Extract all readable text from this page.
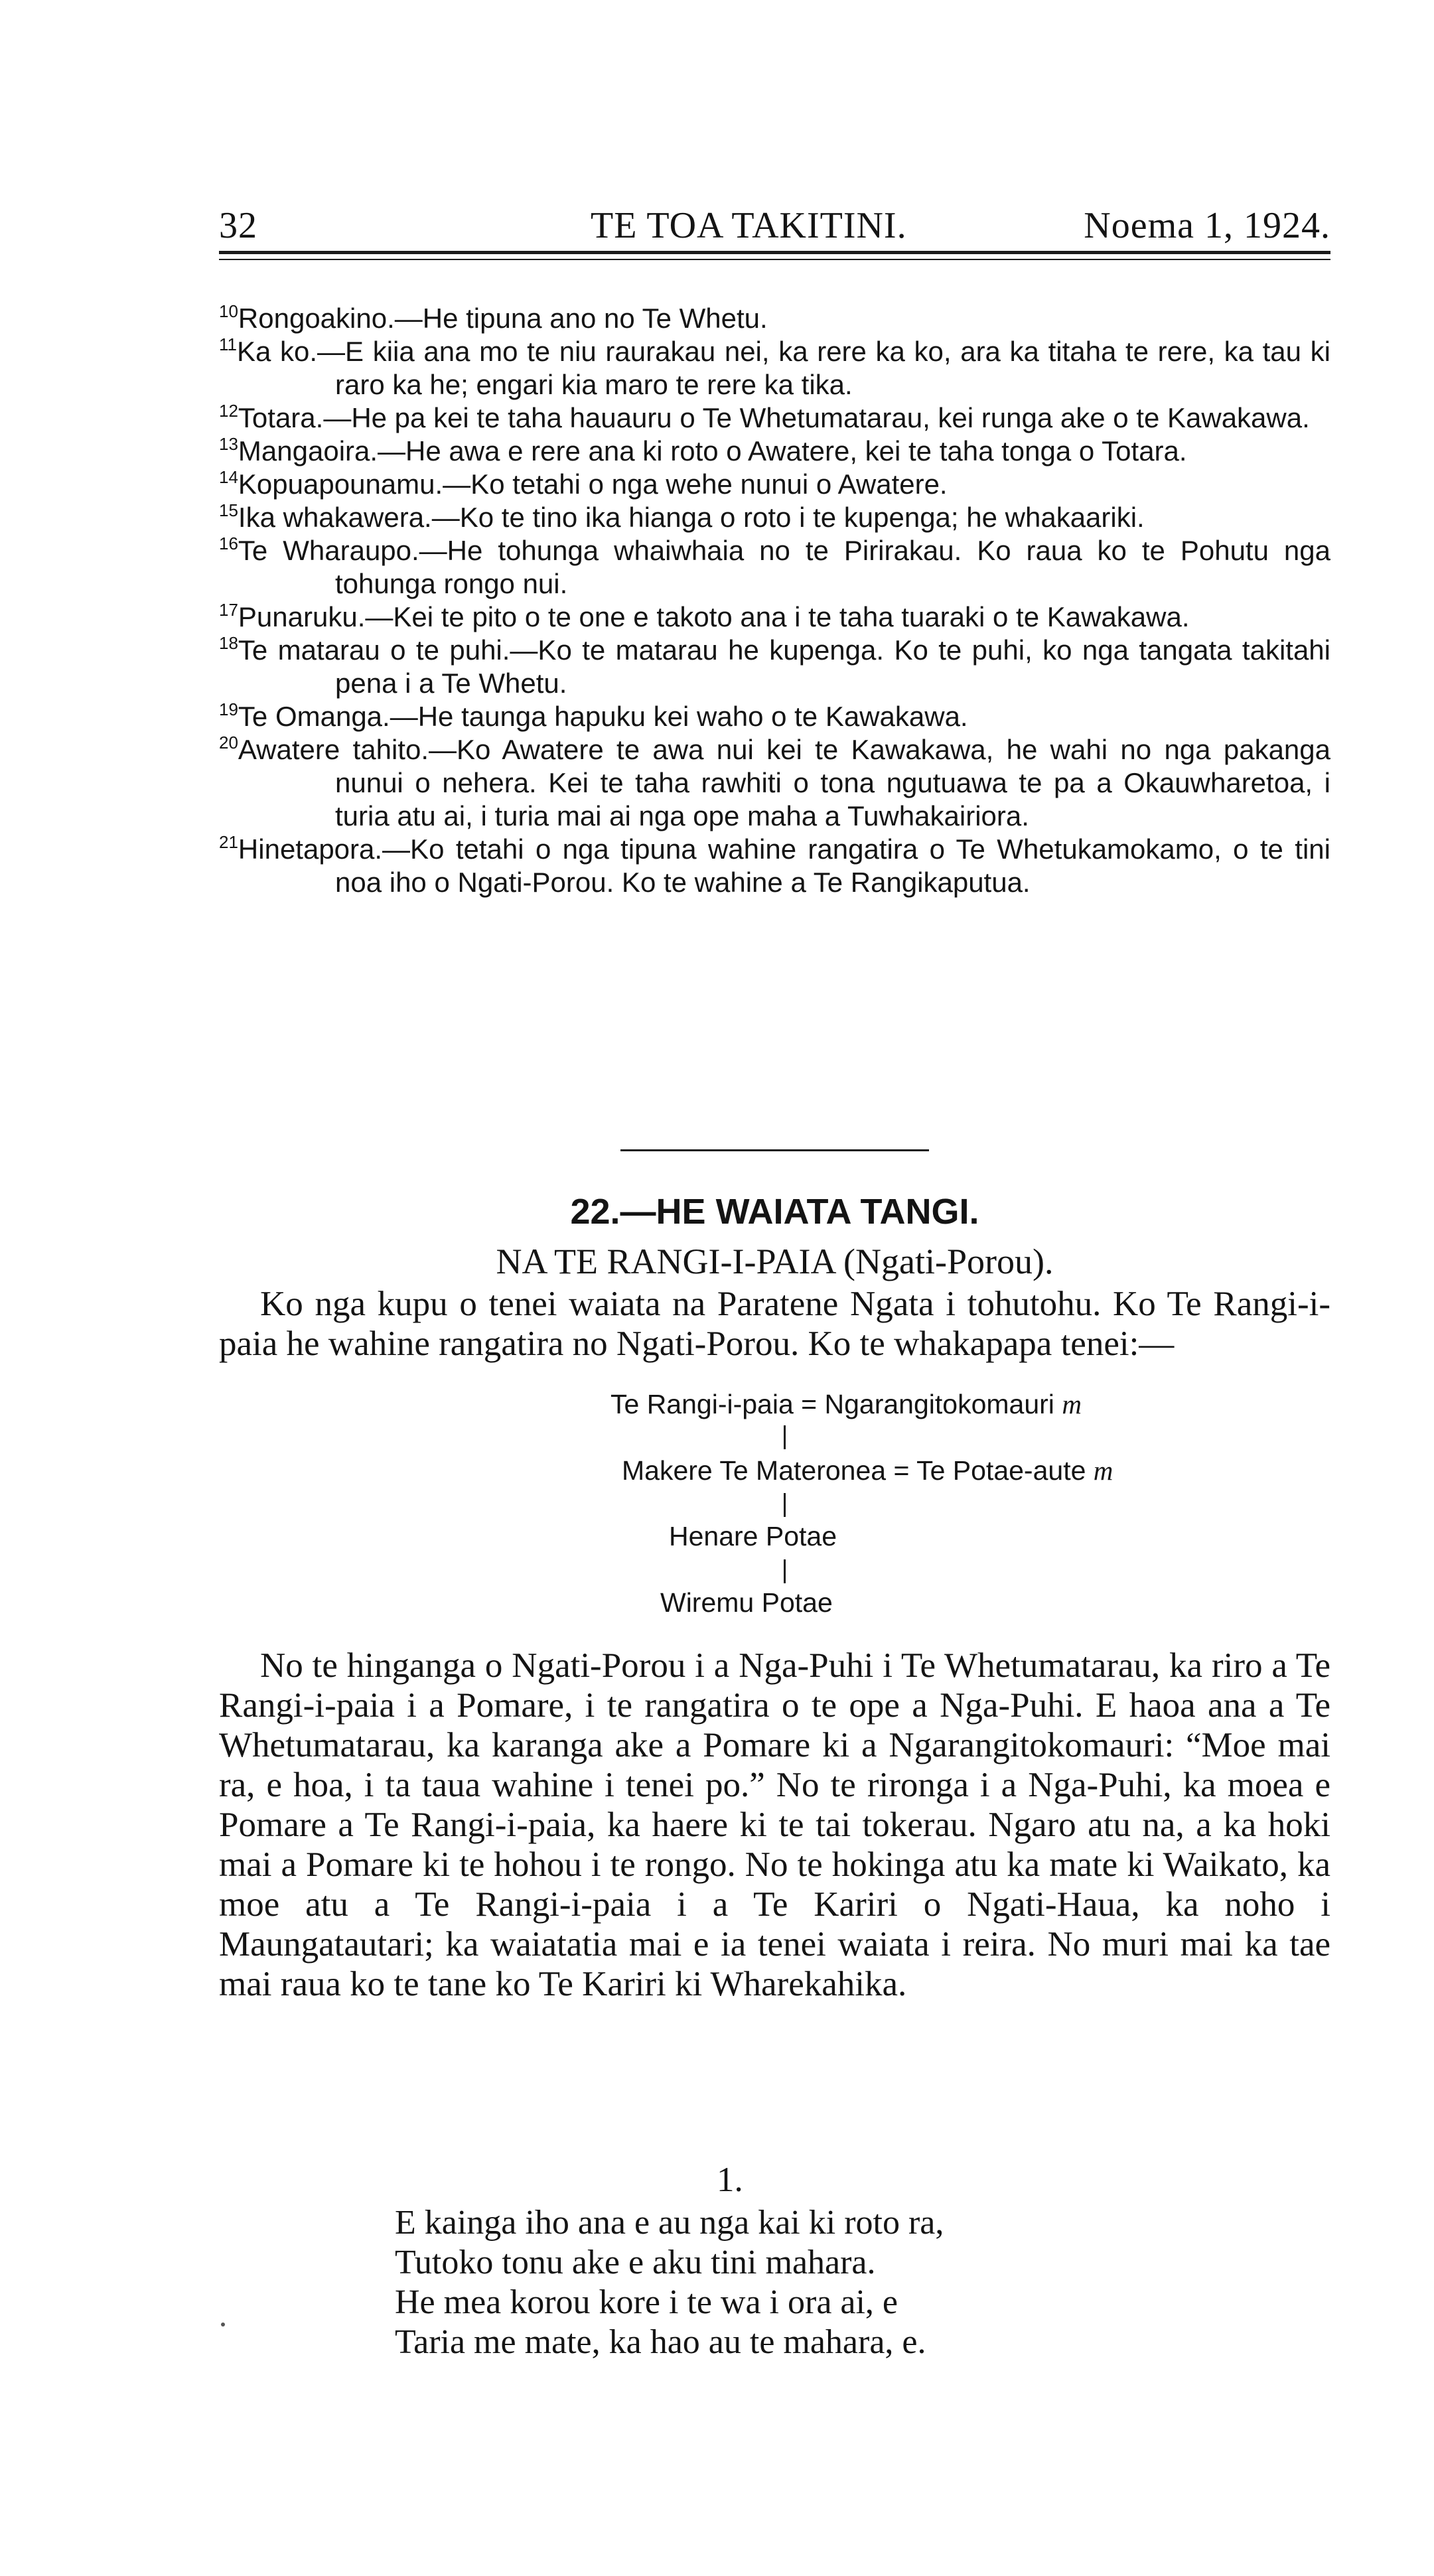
32	TE TOA TAKITINI.	Noema 1, 1924.
$^{10}$Rongoakino.—He tipuna ano no Te Whetu.
$^{11}$Ka ko.—E kiia ana mo te niu raurakau nei, ka rere ka ko, ara ka titaha te rere, ka tau ki raro ka he; engari kia maro te rere ka tika.
$^{12}$Totara.—He pa kei te taha hauauru o Te Whetumatarau, kei runga ake o te Kawakawa.
$^{13}$Mangaoira.—He awa e rere ana ki roto o Awatere, kei te taha tonga o Totara.
$^{14}$Kopuapounamu.—Ko tetahi o nga wehe nunui o Awatere.
$^{15}$Ika whakawera.—Ko te tino ika hianga o roto i te kupenga; he whakaariki.
$^{16}$Te Wharaupo.—He tohunga whaiwhaia no te Pirirakau. Ko raua ko te Pohutu nga tohunga rongo nui.
$^{17}$Punaruku.—Kei te pito o te one e takoto ana i te taha tuaraki o te Kawakawa.
$^{18}$Te matarau o te puhi.—Ko te matarau he kupenga. Ko te puhi, ko nga tangata takitahi pena i a Te Whetu.
$^{19}$Te Omanga.—He taunga hapuku kei waho o te Kawakawa.
$^{20}$Awatere tahito.—Ko Awatere te awa nui kei te Kawakawa, he wahi no nga pakanga nunui o nehera. Kei te taha rawhiti o tona ngutuawa te pa a Okauwharetoa, i turia atu ai, i turia mai ai nga ope maha a Tuwhakairiora.
$^{21}$Hinetapora.—Ko tetahi o nga tipuna wahine rangatira o Te Whetukamokamo, o te tini noa iho o Ngati-Porou. Ko te wahine a Te Rangikaputua.
22.—HE WAIATA TANGI.
NA TE RANGI-I-PAIA (Ngati-Porou).
Ko nga kupu o tenei waiata na Paratene Ngata i tohutohu. Ko Te Rangi-i-paia he wahine rangatira no Ngati-Porou. Ko te whakapapa tenei:—
Te Rangi-i-paia = Ngarangitokomauri m
Makere Te Materonea = Te Potae-aute m
Henare Potae
Wiremu Potae
No te hinganga o Ngati-Porou i a Nga-Puhi i Te Whetumatarau, ka riro a Te Rangi-i-paia i a Pomare, i te rangatira o te ope a Nga-Puhi. E haoa ana a Te Whetumatarau, ka karanga ake a Pomare ki a Ngarangitokomauri: “Moe mai ra, e hoa, i ta taua wahine i tenei po.” No te rironga i a Nga-Puhi, ka moea e Pomare a Te Rangi-i-paia, ka haere ki te tai tokerau. Ngaro atu na, a ka hoki mai a Pomare ki te hohou i te rongo. No te hokinga atu ka mate ki Waikato, ka moe atu a Te Rangi-i-paia i a Te Kariri o Ngati-Haua, ka noho i Maungatautari; ka waiatatia mai e ia tenei waiata i reira. No muri mai ka tae mai raua ko te tane ko Te Kariri ki Wharekahika.
1.
E kainga iho ana e au nga kai ki roto ra,
Tutoko tonu ake e aku tini mahara.
He mea korou kore i te wa i ora ai, e
Taria me mate, ka hao au te mahara, e.
